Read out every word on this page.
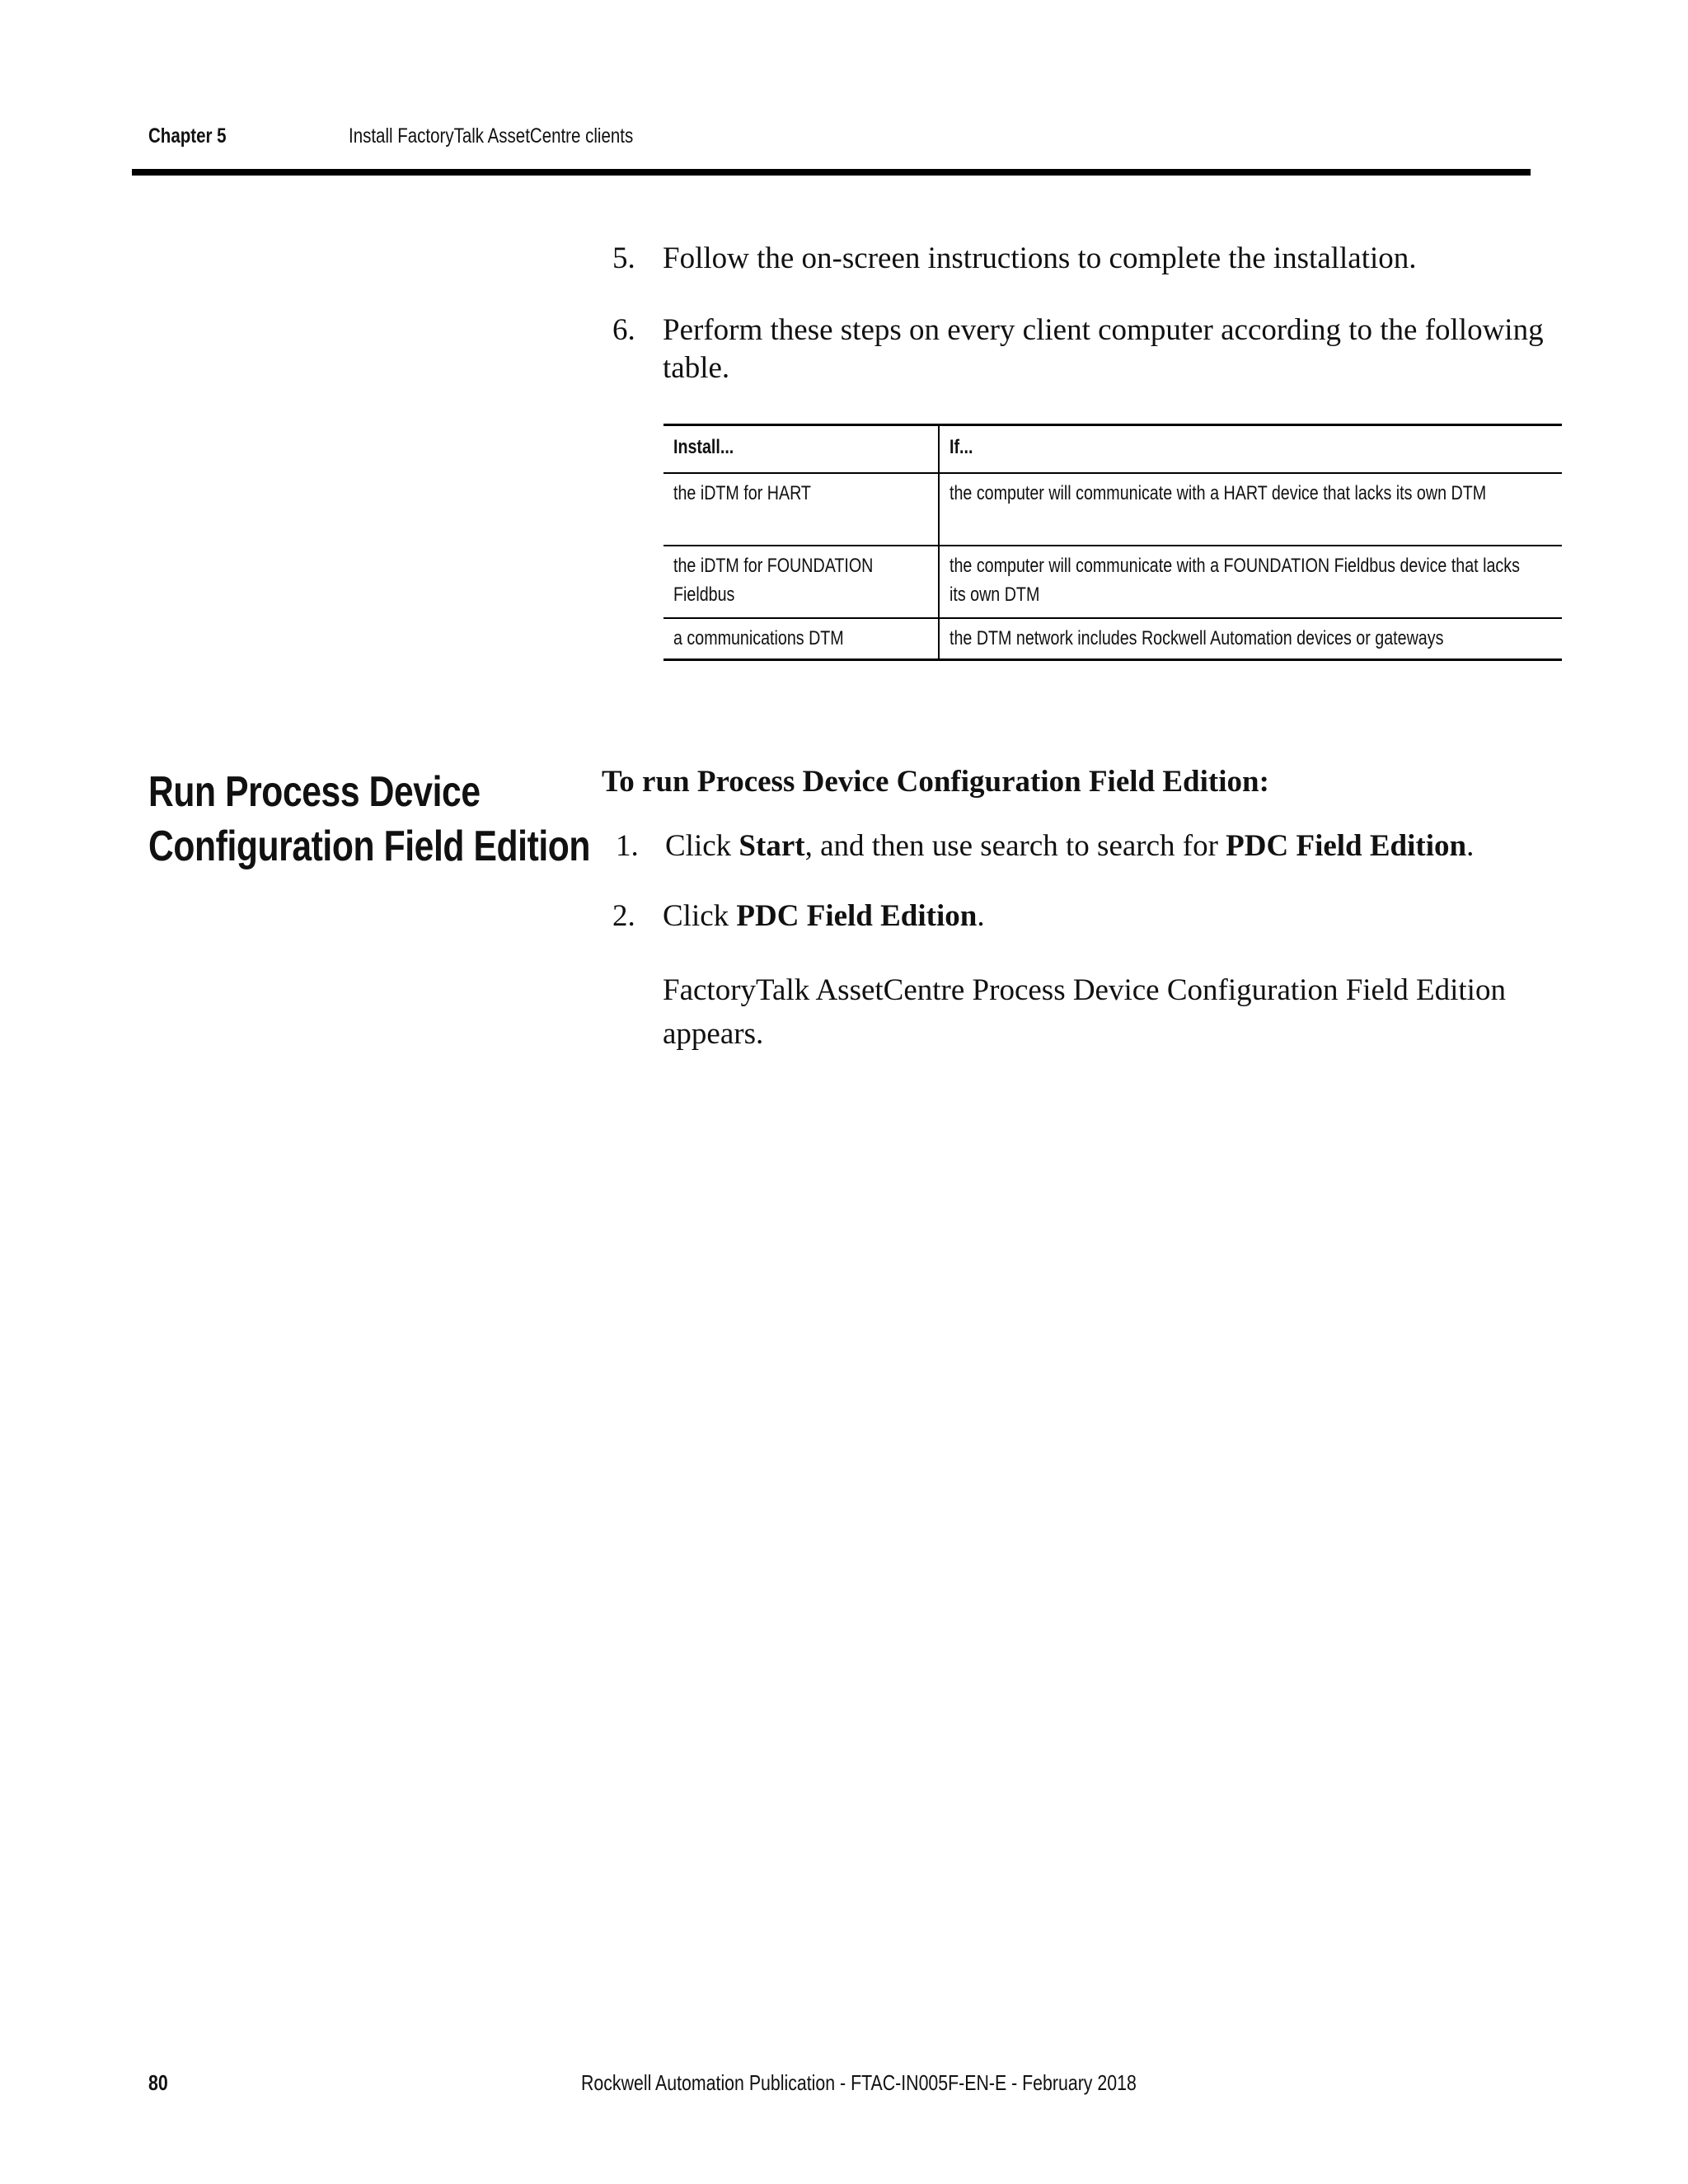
Chapter 5	Install FactoryTalk AssetCentre clients
5. Follow the on-screen instructions to complete the installation.
6. Perform these steps on every client computer according to the following
table.
Install...	If...

the iDTM for HART	the computer will communicate with a HART device that lacks its own DTM

the iDTM for FOUNDATION
Fieldbus	the computer will communicate with a FOUNDATION Fieldbus device that lacks
its own DTM

a communications DTM	the DTM network includes Rockwell Automation devices or gateways
Run Process Device
Configuration Field Edition
To run Process Device Configuration Field Edition:
1. Click Start, and then use search to search for PDC Field Edition.
2. Click PDC Field Edition.
FactoryTalk AssetCentre Process Device Configuration Field Edition
appears.
80	Rockwell Automation Publication - FTAC-IN005F-EN-E - February 2018
